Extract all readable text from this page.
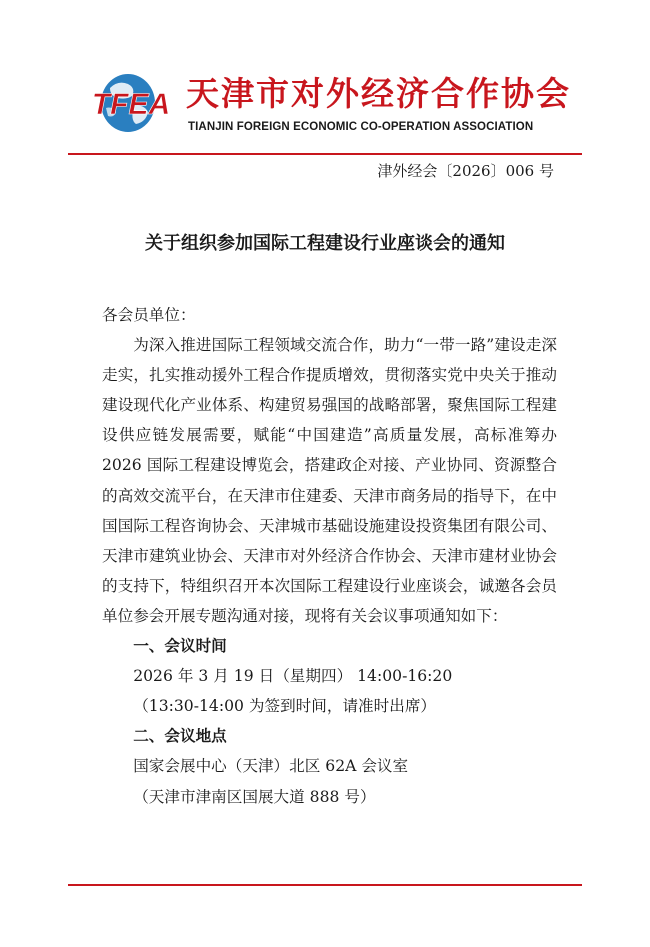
TFEA 天津市对外经济合作协会
TIANJIN FOREIGN ECONOMIC CO-OPERATION ASSOCIATION
津外经会〔2026〕006 号
关于组织参加国际工程建设行业座谈会的通知

各会员单位：

为深入推进国际工程领域交流合作，助力“一带一路”建设走深走实，扎实推动援外工程合作提质增效，贯彻落实党中央关于推动建设现代化产业体系、构建贸易强国的战略部署，聚焦国际工程建设供应链发展需要，赋能“中国建造”高质量发展，高标准筹办 2026 国际工程建设博览会，搭建政企对接、产业协同、资源整合的高效交流平台，在天津市住建委、天津市商务局的指导下，在中国国际工程咨询协会、天津城市基础设施建设投资集团有限公司、天津市建筑业协会、天津市对外经济合作协会、天津市建材业协会的支持下，特组织召开本次国际工程建设行业座谈会，诚邀各会员单位参会开展专题沟通对接，现将有关会议事项通知如下：

一、会议时间

2026 年 3 月 19 日（星期四） 14:00-16:20

（13:30-14:00 为签到时间，请准时出席）

二、会议地点

国家会展中心（天津）北区 62A 会议室

（天津市津南区国展大道 888 号）
